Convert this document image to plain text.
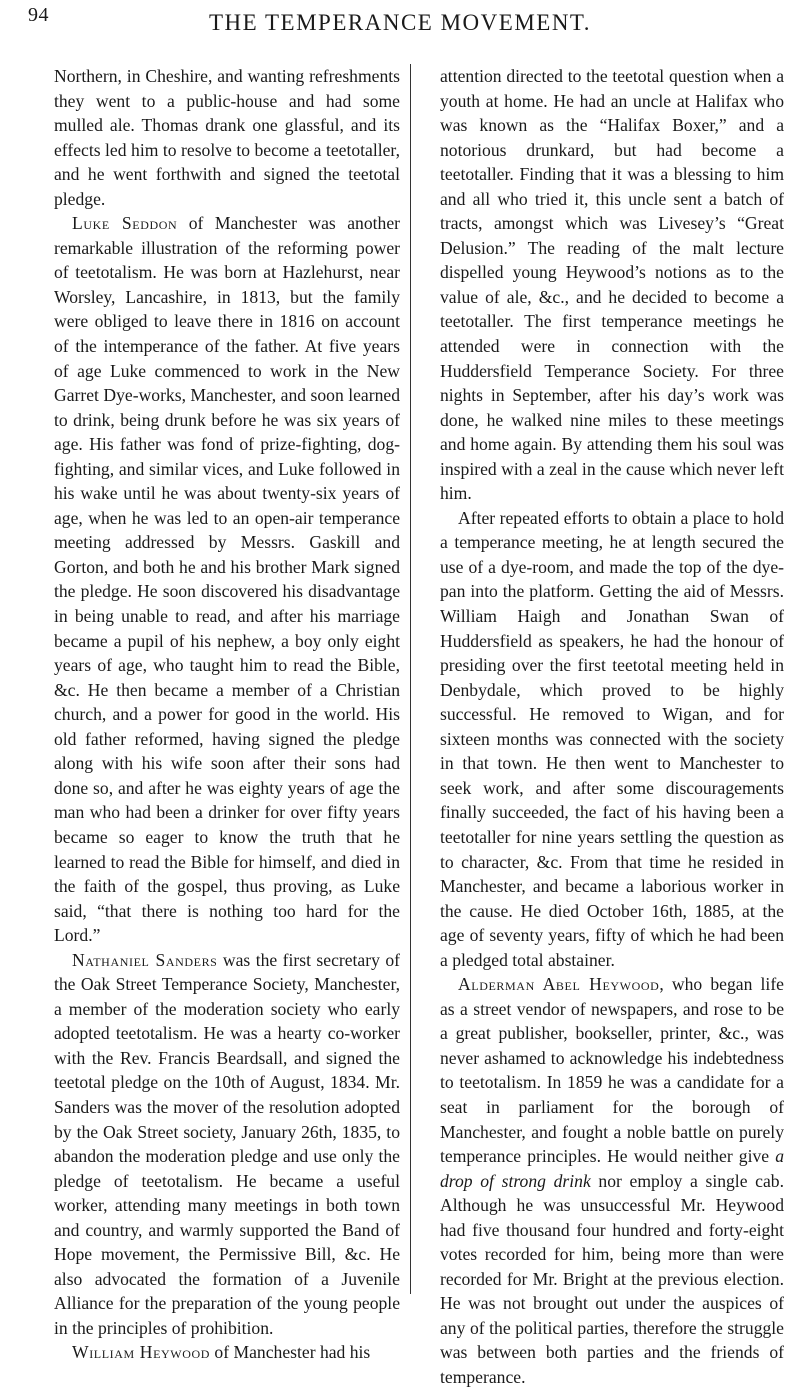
94	THE TEMPERANCE MOVEMENT.

Northern, in Cheshire, and wanting refreshments they went to a public-house and had some mulled ale. Thomas drank one glassful, and its effects led him to resolve to become a teetotaller, and he went forthwith and signed the teetotal pledge.

Luke Seddon of Manchester was another remarkable illustration of the reforming power of teetotalism. He was born at Hazlehurst, near Worsley, Lancashire, in 1813, but the family were obliged to leave there in 1816 on account of the intemperance of the father. At five years of age Luke commenced to work in the New Garret Dye-works, Manchester, and soon learned to drink, being drunk before he was six years of age. His father was fond of prize-fighting, dog-fighting, and similar vices, and Luke followed in his wake until he was about twenty-six years of age, when he was led to an open-air temperance meeting addressed by Messrs. Gaskill and Gorton, and both he and his brother Mark signed the pledge. He soon discovered his disadvantage in being unable to read, and after his marriage became a pupil of his nephew, a boy only eight years of age, who taught him to read the Bible, &c. He then became a member of a Christian church, and a power for good in the world. His old father reformed, having signed the pledge along with his wife soon after their sons had done so, and after he was eighty years of age the man who had been a drinker for over fifty years became so eager to know the truth that he learned to read the Bible for himself, and died in the faith of the gospel, thus proving, as Luke said, “that there is nothing too hard for the Lord.”

Nathaniel Sanders was the first secretary of the Oak Street Temperance Society, Manchester, a member of the moderation society who early adopted teetotalism. He was a hearty co-worker with the Rev. Francis Beardsall, and signed the teetotal pledge on the 10th of August, 1834. Mr. Sanders was the mover of the resolution adopted by the Oak Street society, January 26th, 1835, to abandon the moderation pledge and use only the pledge of teetotalism. He became a useful worker, attending many meetings in both town and country, and warmly supported the Band of Hope movement, the Permissive Bill, &c. He also advocated the formation of a Juvenile Alliance for the preparation of the young people in the principles of prohibition.

William Heywood of Manchester had his

attention directed to the teetotal question when a youth at home. He had an uncle at Halifax who was known as the “Halifax Boxer,” and a notorious drunkard, but had become a teetotaller. Finding that it was a blessing to him and all who tried it, this uncle sent a batch of tracts, amongst which was Livesey’s “Great Delusion.” The reading of the malt lecture dispelled young Heywood’s notions as to the value of ale, &c., and he decided to become a teetotaller. The first temperance meetings he attended were in connection with the Huddersfield Temperance Society. For three nights in September, after his day’s work was done, he walked nine miles to these meetings and home again. By attending them his soul was inspired with a zeal in the cause which never left him.

After repeated efforts to obtain a place to hold a temperance meeting, he at length secured the use of a dye-room, and made the top of the dye-pan into the platform. Getting the aid of Messrs. William Haigh and Jonathan Swan of Huddersfield as speakers, he had the honour of presiding over the first teetotal meeting held in Denbydale, which proved to be highly successful. He removed to Wigan, and for sixteen months was connected with the society in that town. He then went to Manchester to seek work, and after some discouragements finally succeeded, the fact of his having been a teetotaller for nine years settling the question as to character, &c. From that time he resided in Manchester, and became a laborious worker in the cause. He died October 16th, 1885, at the age of seventy years, fifty of which he had been a pledged total abstainer.

Alderman Abel Heywood, who began life as a street vendor of newspapers, and rose to be a great publisher, bookseller, printer, &c., was never ashamed to acknowledge his indebtedness to teetotalism. In 1859 he was a candidate for a seat in parliament for the borough of Manchester, and fought a noble battle on purely temperance principles. He would neither give a drop of strong drink nor employ a single cab. Although he was unsuccessful Mr. Heywood had five thousand four hundred and forty-eight votes recorded for him, being more than were recorded for Mr. Bright at the previous election. He was not brought out under the auspices of any of the political parties, therefore the struggle was between both parties and the friends of temperance.
